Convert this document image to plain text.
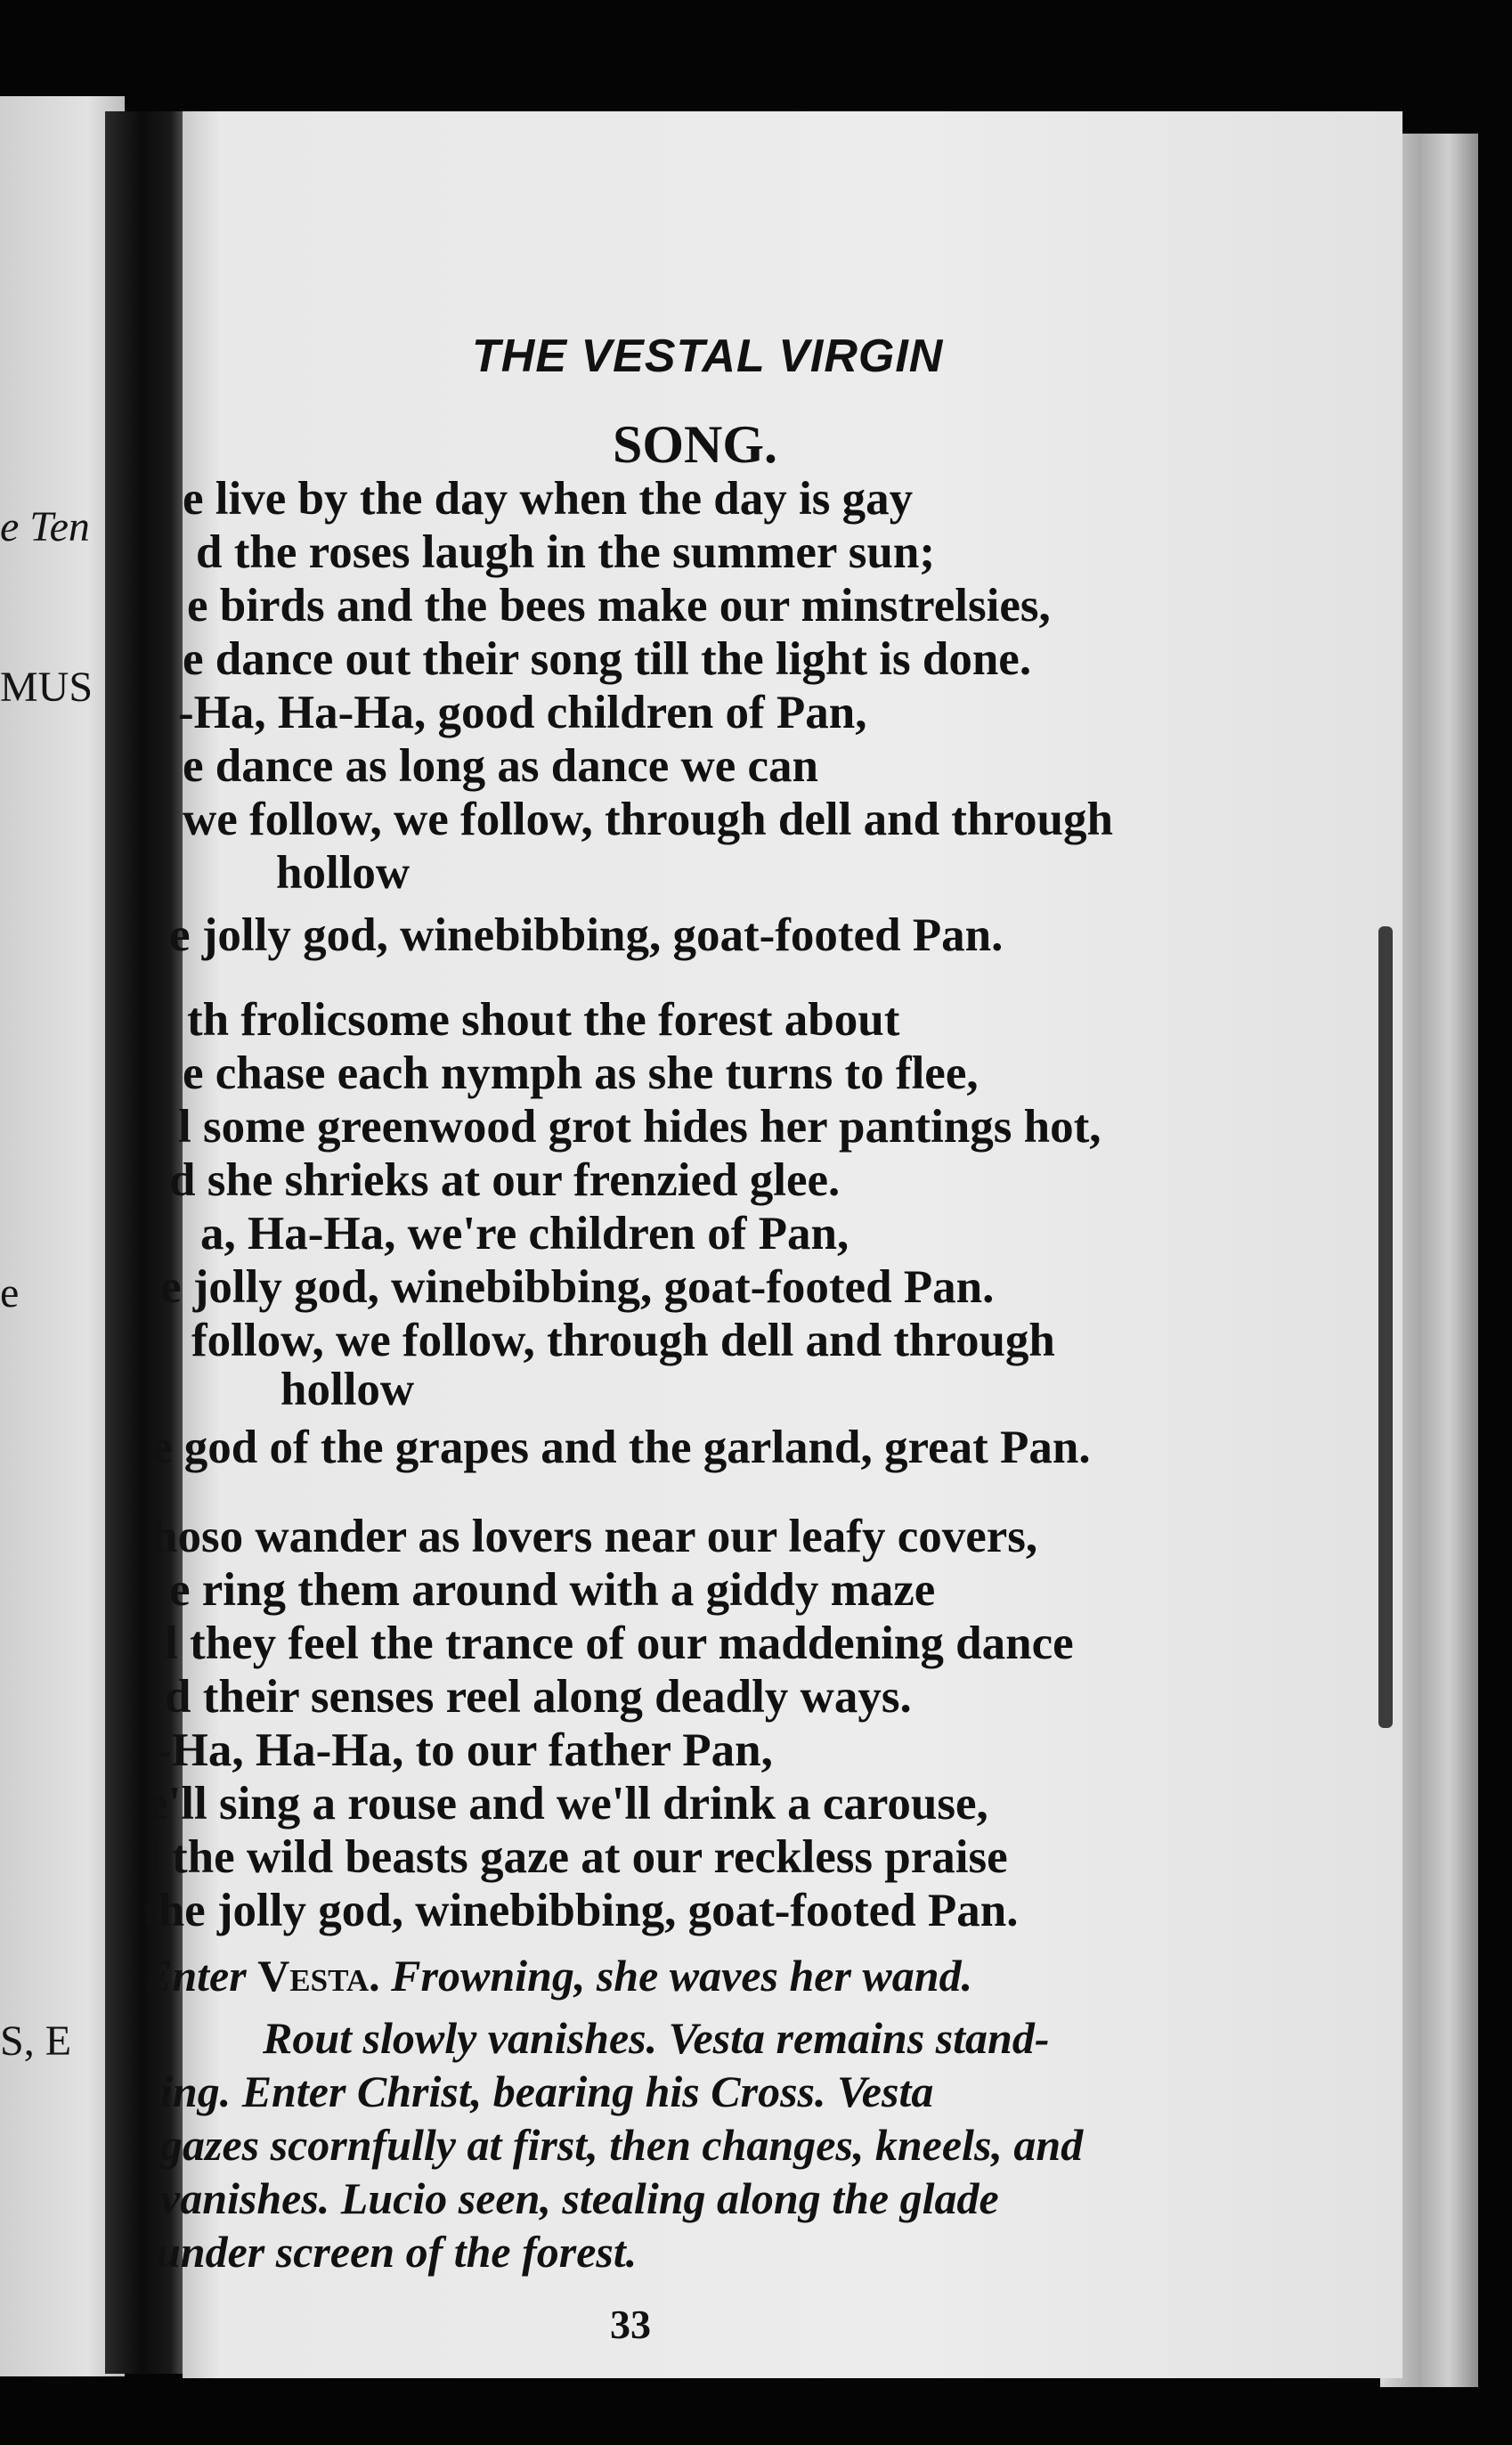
e Ten
MUS
e
S, E
THE VESTAL VIRGIN
SONG.
e live by the day when the day is gay
d the roses laugh in the summer sun;
e birds and the bees make our minstrelsies,
e dance out their song till the light is done.
-Ha, Ha-Ha, good children of Pan,
e dance as long as dance we can
we follow, we follow, through dell and through
hollow
e jolly god, winebibbing, goat-footed Pan.
th frolicsome shout the forest about
e chase each nymph as she turns to flee,
l some greenwood grot hides her pantings hot,
d she shrieks at our frenzied glee.
a, Ha-Ha, we're children of Pan,
e jolly god, winebibbing, goat-footed Pan.
follow, we follow, through dell and through
hollow
e god of the grapes and the garland, great Pan.
hoso wander as lovers near our leafy covers,
e ring them around with a giddy maze
l they feel the trance of our maddening dance
d their senses reel along deadly ways.
-Ha, Ha-Ha, to our father Pan,
e'll sing a rouse and we'll drink a carouse,
l the wild beasts gaze at our reckless praise
the jolly god, winebibbing, goat-footed Pan.
Enter Vesta. Frowning, she waves her wand.
Rout slowly vanishes. Vesta remains stand-
ing. Enter Christ, bearing his Cross. Vesta
gazes scornfully at first, then changes, kneels, and
vanishes. Lucio seen, stealing along the glade
under screen of the forest.
33
